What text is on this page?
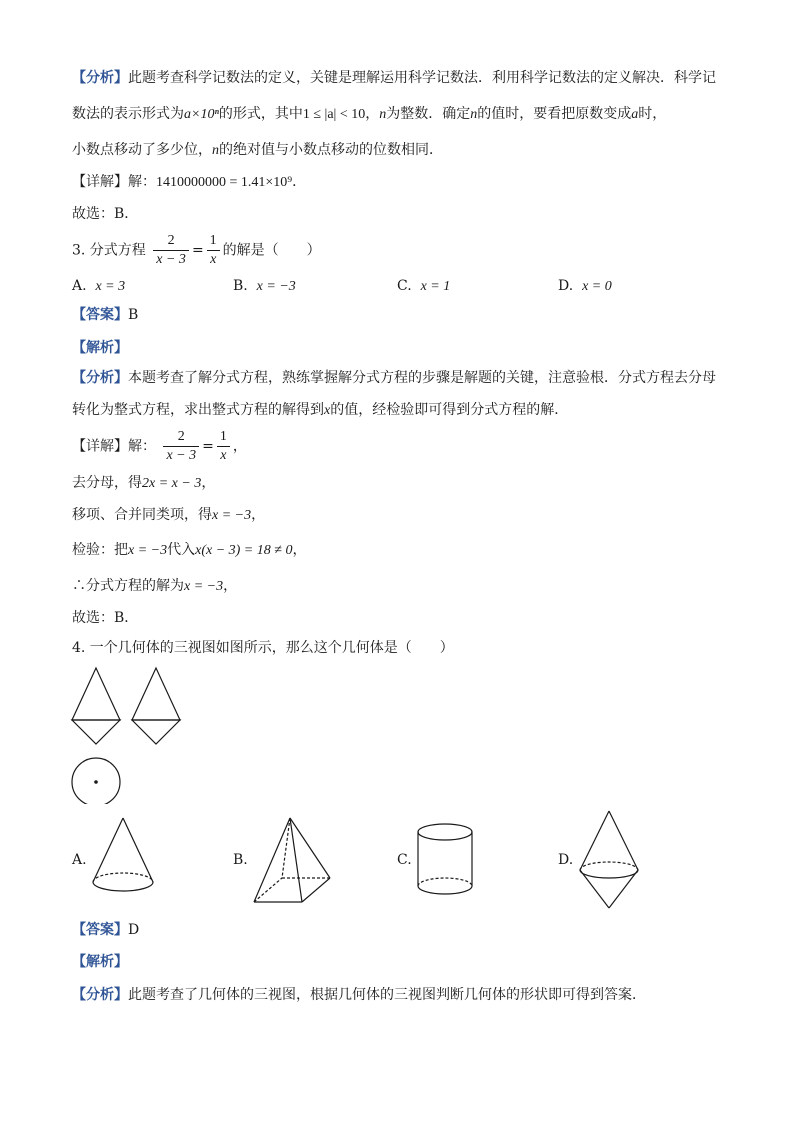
【分析】此题考查科学记数法的定义，关键是理解运用科学记数法．利用科学记数法的定义解决．科学记
数法的表示形式为a×10ⁿ的形式，其中1 ≤ |a| < 10，n为整数．确定n的值时，要看把原数变成a时，
小数点移动了多少位，n的绝对值与小数点移动的位数相同．
【详解】解：1410000000 = 1.41×10⁹．
故选：B．
3. 分式方程 $\frac{2}{x - 3} = \frac{1}{x}$ 的解是（　　）
A. x = 3	B. x = −3	C. x = 1	D. x = 0
【答案】B
【解析】
【分析】本题考查了解分式方程，熟练掌握解分式方程的步骤是解题的关键，注意验根．分式方程去分母
转化为整式方程，求出整式方程的解得到x的值，经检验即可得到分式方程的解．
【详解】解： $\frac{2}{x - 3} = \frac{1}{x}$ ，
去分母，得2x = x − 3，
移项、合并同类项，得x = −3，
检验：把x = −3代入x(x − 3) = 18 ≠ 0，
∴分式方程的解为x = −3，
故选：B．
4. 一个几何体的三视图如图所示，那么这个几何体是（　　）
A.	B.	C.	D.
【答案】D
【解析】
【分析】此题考查了几何体的三视图，根据几何体的三视图判断几何体的形状即可得到答案．
